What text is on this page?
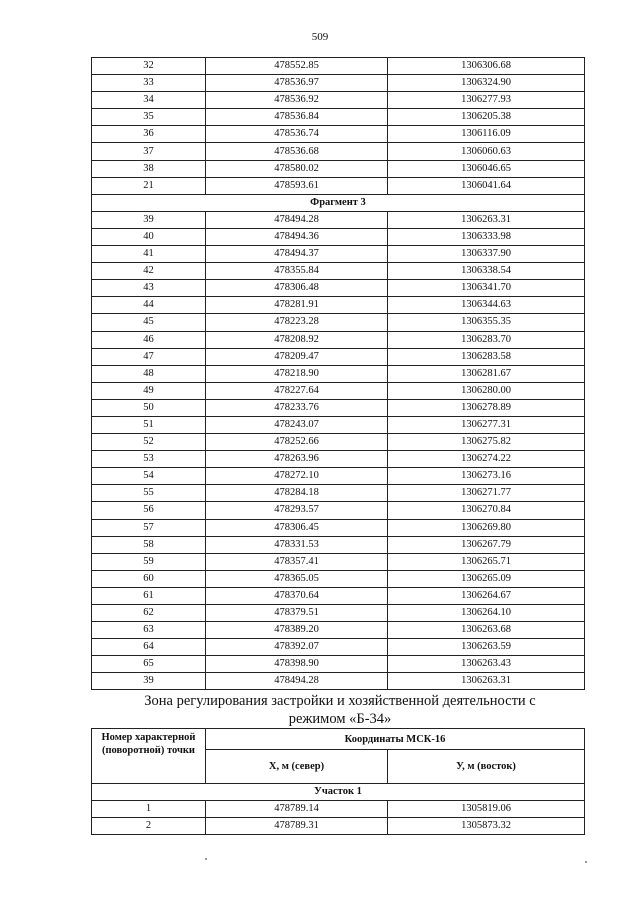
509
32	478552.85	1306306.68
33	478536.97	1306324.90
34	478536.92	1306277.93
35	478536.84	1306205.38
36	478536.74	1306116.09
37	478536.68	1306060.63
38	478580.02	1306046.65
21	478593.61	1306041.64
Фрагмент 3		
39	478494.28	1306263.31
40	478494.36	1306333.98
41	478494.37	1306337.90
42	478355.84	1306338.54
43	478306.48	1306341.70
44	478281.91	1306344.63
45	478223.28	1306355.35
46	478208.92	1306283.70
47	478209.47	1306283.58
48	478218.90	1306281.67
49	478227.64	1306280.00
50	478233.76	1306278.89
51	478243.07	1306277.31
52	478252.66	1306275.82
53	478263.96	1306274.22
54	478272.10	1306273.16
55	478284.18	1306271.77
56	478293.57	1306270.84
57	478306.45	1306269.80
58	478331.53	1306267.79
59	478357.41	1306265.71
60	478365.05	1306265.09
61	478370.64	1306264.67
62	478379.51	1306264.10
63	478389.20	1306263.68
64	478392.07	1306263.59
65	478398.90	1306263.43
39	478494.28	1306263.31
Зона регулирования застройки и хозяйственной деятельности с
режимом «Б-34»
Номер характерной (поворотной) точки	Координаты МСК-16	
	X, м (север)	У, м (восток)
Участок 1		
1	478789.14	1305819.06
2	478789.31	1305873.32
